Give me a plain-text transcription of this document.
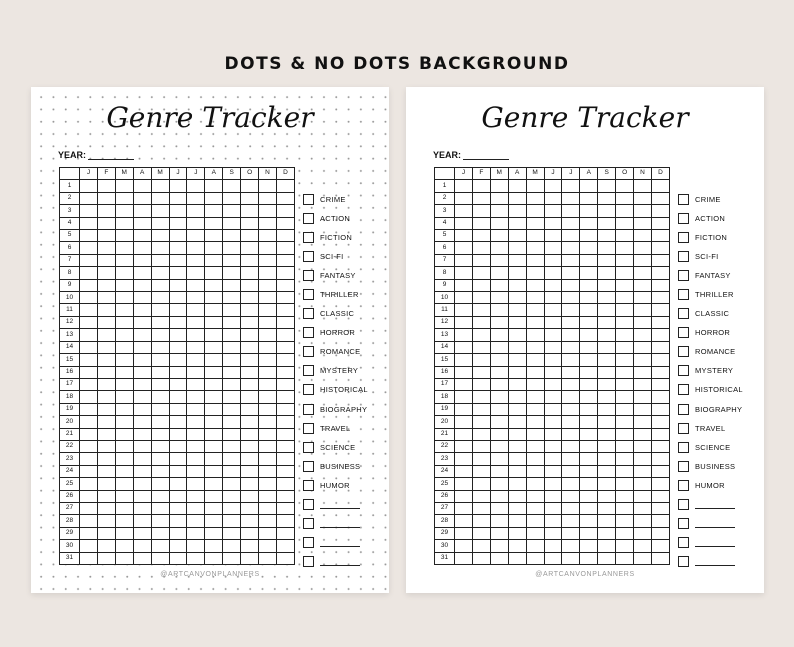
DOTS & NO DOTS BACKGROUND
Genre Tracker
YEAR:
	J	F	M	A	M	J	J	A	S	O	N	D
1												
2												
3												
4												
5												
6												
7												
8												
9												
10												
11												
12												
13												
14												
15												
16												
17												
18												
19												
20												
21												
22												
23												
24												
25												
26												
27												
28												
29												
30												
31												
CRIME
ACTION
FICTION
SCI-FI
FANTASY
THRILLER
CLASSIC
HORROR
ROMANCE
MYSTERY
HISTORICAL
BIOGRAPHY
TRAVEL
SCIENCE
BUSINESS
HUMOR
@ARTCANVONPLANNERS
Genre Tracker
YEAR:
	J	F	M	A	M	J	J	A	S	O	N	D
1												
2												
3												
4												
5												
6												
7												
8												
9												
10												
11												
12												
13												
14												
15												
16												
17												
18												
19												
20												
21												
22												
23												
24												
25												
26												
27												
28												
29												
30												
31												
CRIME
ACTION
FICTION
SCI-FI
FANTASY
THRILLER
CLASSIC
HORROR
ROMANCE
MYSTERY
HISTORICAL
BIOGRAPHY
TRAVEL
SCIENCE
BUSINESS
HUMOR
@ARTCANVONPLANNERS
